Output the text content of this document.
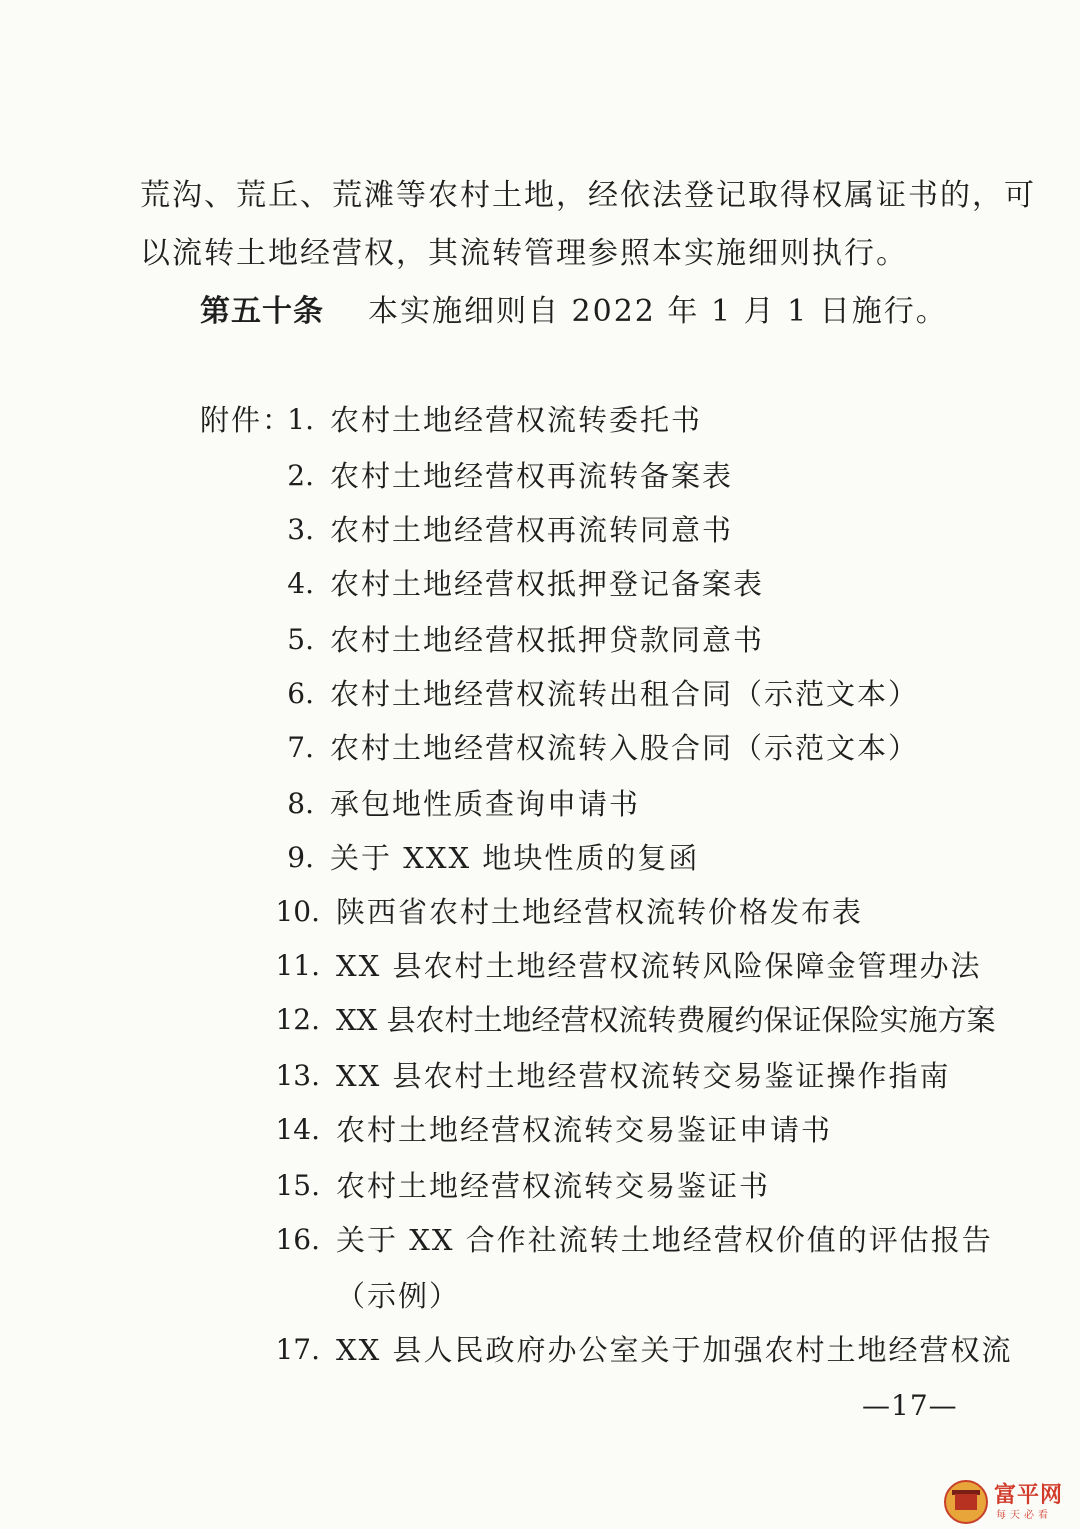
荒沟、荒丘、荒滩等农村土地，经依法登记取得权属证书的，可
以流转土地经营权，其流转管理参照本实施细则执行。
第五十条 本实施细则自 2022 年 1 月 1 日施行。
附件：
1. 农村土地经营权流转委托书
2. 农村土地经营权再流转备案表
3. 农村土地经营权再流转同意书
4. 农村土地经营权抵押登记备案表
5. 农村土地经营权抵押贷款同意书
6. 农村土地经营权流转出租合同（示范文本）
7. 农村土地经营权流转入股合同（示范文本）
8. 承包地性质查询申请书
9. 关于 XXX 地块性质的复函
10. 陕西省农村土地经营权流转价格发布表
11. XX 县农村土地经营权流转风险保障金管理办法
12. XX 县农村土地经营权流转费履约保证保险实施方案
13. XX 县农村土地经营权流转交易鉴证操作指南
14. 农村土地经营权流转交易鉴证申请书
15. 农村土地经营权流转交易鉴证书
16. 关于 XX 合作社流转土地经营权价值的评估报告
（示例）
17. XX 县人民政府办公室关于加强农村土地经营权流
—17—
富平网
每天必看
